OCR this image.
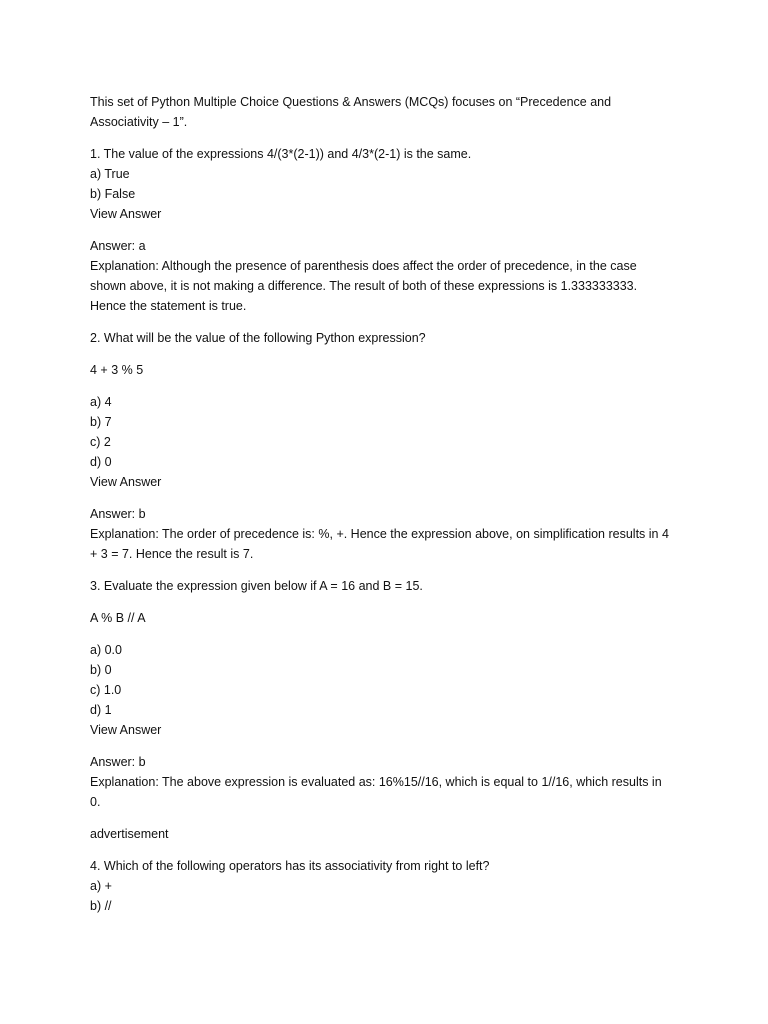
This set of Python Multiple Choice Questions & Answers (MCQs) focuses on “Precedence and
Associativity – 1”.
1. The value of the expressions 4/(3*(2-1)) and 4/3*(2-1) is the same.
a) True
b) False
View Answer
Answer: a
Explanation: Although the presence of parenthesis does affect the order of precedence, in the case
shown above, it is not making a difference. The result of both of these expressions is 1.333333333.
Hence the statement is true.
2. What will be the value of the following Python expression?
4 + 3 % 5
a) 4
b) 7
c) 2
d) 0
View Answer
Answer: b
Explanation: The order of precedence is: %, +. Hence the expression above, on simplification results in 4
+ 3 = 7. Hence the result is 7.
3. Evaluate the expression given below if A = 16 and B = 15.
A % B // A
a) 0.0
b) 0
c) 1.0
d) 1
View Answer
Answer: b
Explanation: The above expression is evaluated as: 16%15//16, which is equal to 1//16, which results in
0.
advertisement
4. Which of the following operators has its associativity from right to left?
a) +
b) //
